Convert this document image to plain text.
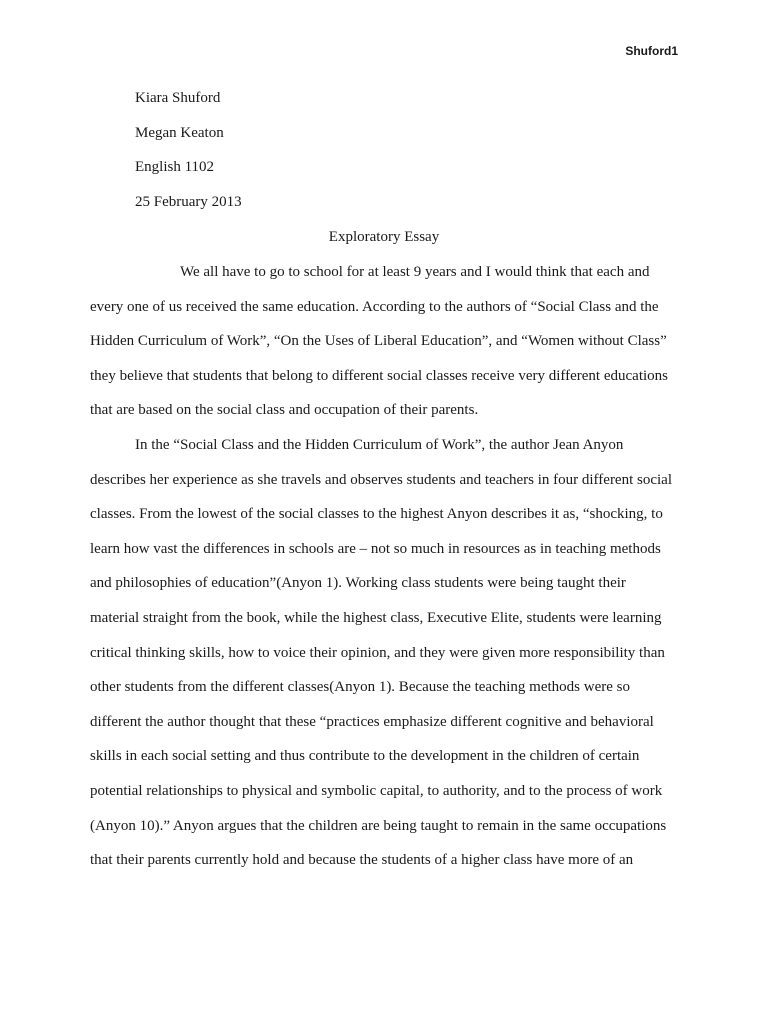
Shuford1
Kiara Shuford
Megan Keaton
English 1102
25 February 2013
Exploratory Essay
We all have to go to school for at least 9 years and I would think that each and
every one of us received the same education. According to the authors of “Social Class and the
Hidden Curriculum of Work”, “On the Uses of Liberal Education”, and “Women without Class”
they believe that students that belong to different social classes receive very different educations
that are based on the social class and occupation of their parents.
In the “Social Class and the Hidden Curriculum of Work”, the author Jean Anyon
describes her experience as she travels and observes students and teachers in four different social
classes. From the lowest of the social classes to the highest Anyon describes it as, “shocking, to
learn how vast the differences in schools are – not so much in resources as in teaching methods
and philosophies of education”(Anyon 1). Working class students were being taught their
material straight from the book, while the highest class, Executive Elite, students were learning
critical thinking skills, how to voice their opinion, and they were given more responsibility than
other students from the different classes(Anyon 1). Because the teaching methods were so
different the author thought that these “practices emphasize different cognitive and behavioral
skills in each social setting and thus contribute to the development in the children of certain
potential relationships to physical and symbolic capital, to authority, and to the process of work
(Anyon 10).” Anyon argues that the children are being taught to remain in the same occupations
that their parents currently hold and because the students of a higher class have more of an
